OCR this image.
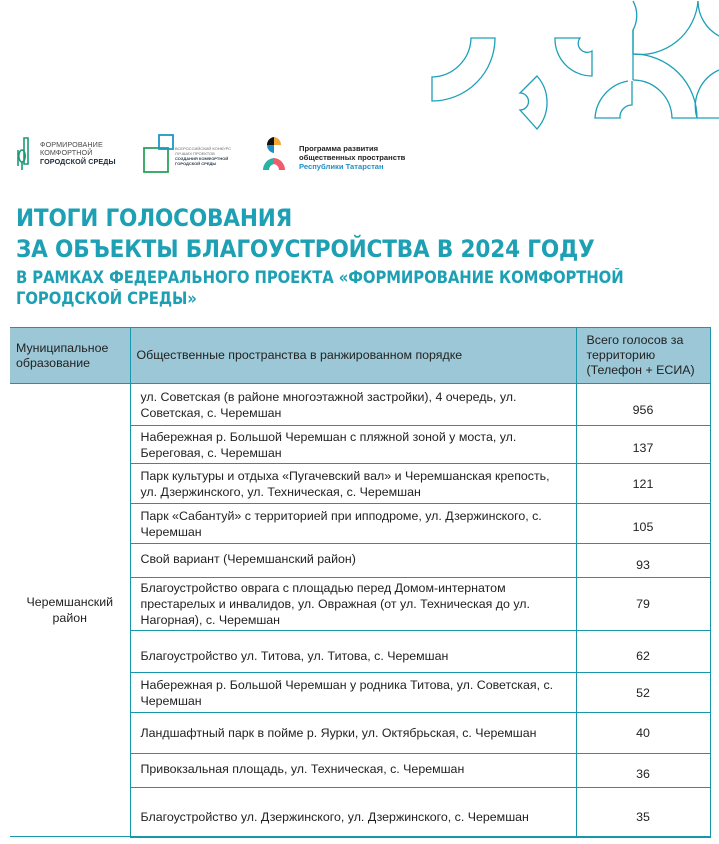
ФОРМИРОВАНИЕ
КОМФОРТНОЙ
ГОРОДСКОЙ СРЕДЫ
ВСЕРОССИЙСКИЙ КОНКУРС
ЛУЧШИХ ПРОЕКТОВ
СОЗДАНИЯ КОМФОРТНОЙ
ГОРОДСКОЙ СРЕДЫ
Программа развития
общественных пространств
Республики Татарстан
ИТОГИ ГОЛОСОВАНИЯ
ЗА ОБЪЕКТЫ БЛАГОУСТРОЙСТВА В 2024 ГОДУ
В РАМКАХ ФЕДЕРАЛЬНОГО ПРОЕКТА «ФОРМИРОВАНИЕ КОМФОРТНОЙ
ГОРОДСКОЙ СРЕДЫ»
Муниципальное образование	Общественные пространства в ранжированном порядке	Всего голосов за территорию (Телефон + ЕСИА)
Черемшанский район	ул. Советская (в районе многоэтажной застройки), 4 очередь, ул. Советская, с. Черемшан	956
	Набережная р. Большой Черемшан с пляжной зоной у моста, ул. Береговая, с. Черемшан	137
	Парк культуры и отдыха «Пугачевский вал» и Черемшанская крепость, ул. Дзержинского, ул. Техническая, с. Черемшан	121
	Парк «Сабантуй» с территорией при ипподроме, ул. Дзержинского, с. Черемшан	105
	Свой вариант (Черемшанский район)	93
	Благоустройство оврага с площадью перед Домом-интернатом престарелых и инвалидов, ул. Овражная (от ул. Техническая до ул. Нагорная), с. Черемшан	79
	Благоустройство ул. Титова, ул. Титова, с. Черемшан	62
	Набережная р. Большой Черемшан у родника Титова, ул. Советская, с. Черемшан	52
	Ландшафтный парк в пойме р. Яурки, ул. Октябрьская, с. Черемшан	40
	Привокзальная площадь, ул. Техническая, с. Черемшан	36
	Благоустройство ул. Дзержинского, ул. Дзержинского, с. Черемшан	35
